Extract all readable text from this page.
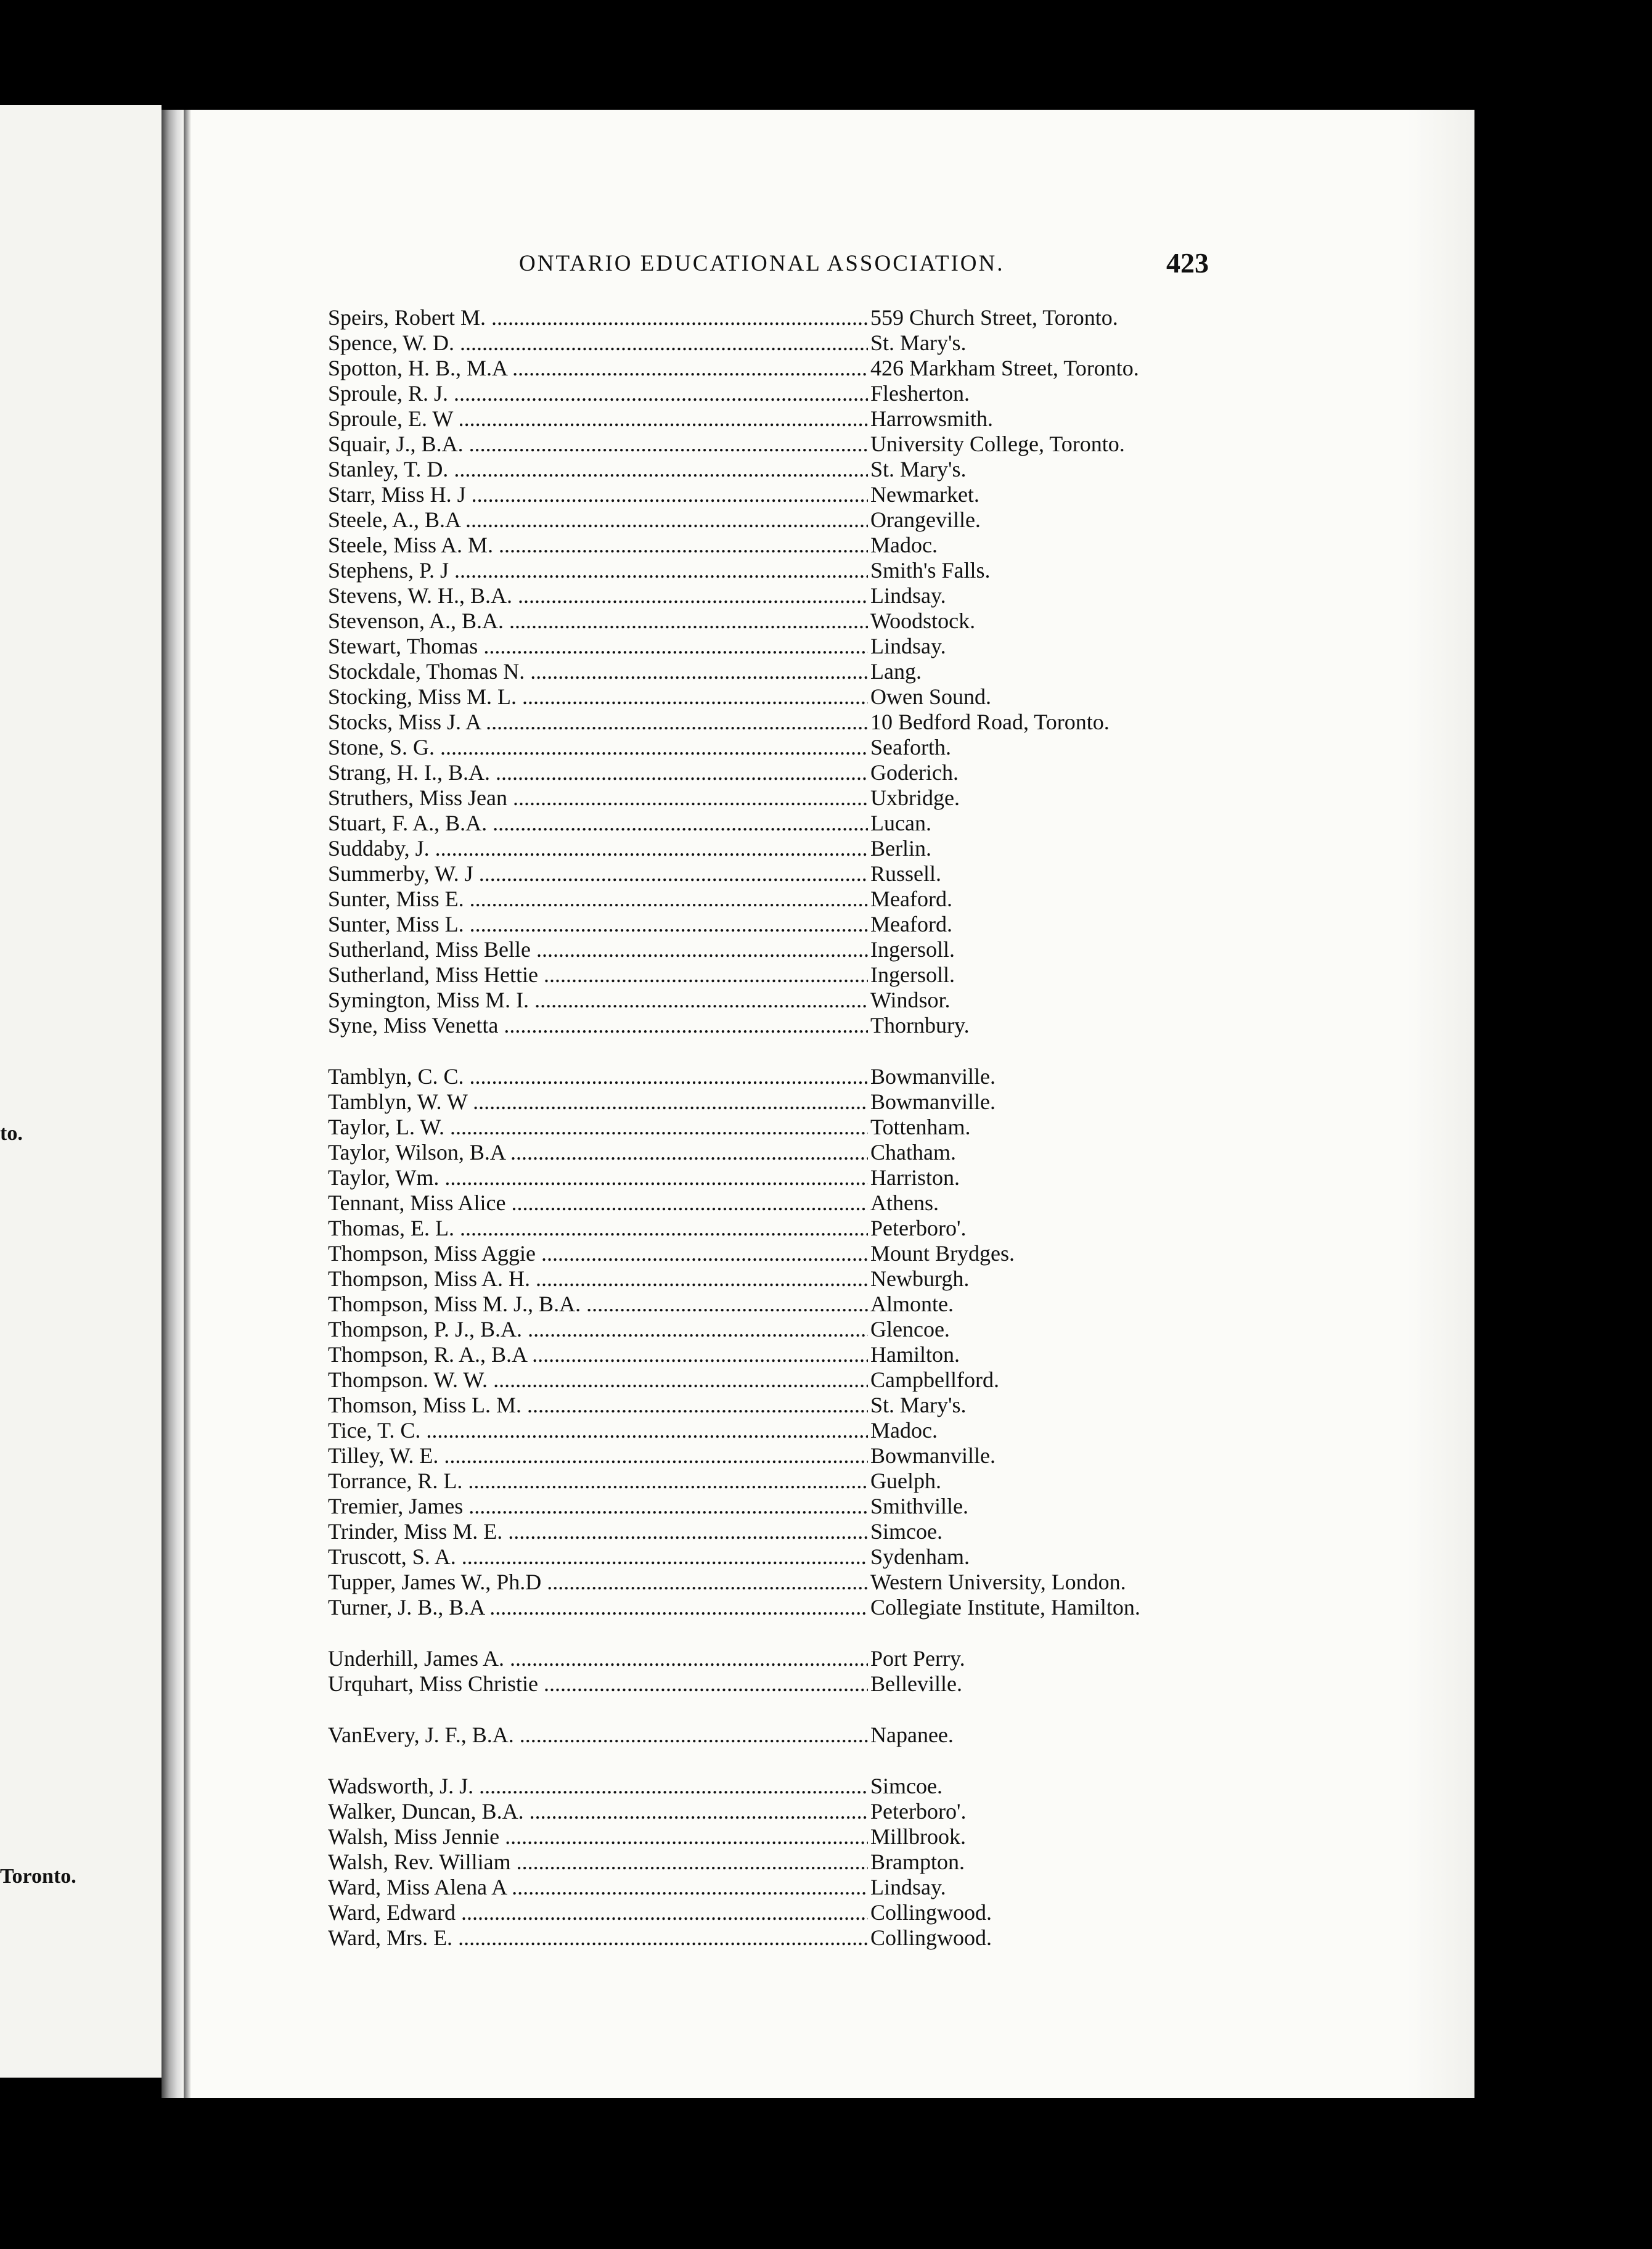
to.
Toronto.
ONTARIO EDUCATIONAL ASSOCIATION.	423
Speirs, Robert M. .....	559 Church Street, Toronto.
Spence, W. D. .....	St. Mary's.
Spotton, H. B., M.A .....	426 Markham Street, Toronto.
Sproule, R. J. .....	Flesherton.
Sproule, E. W .....	Harrowsmith.
Squair, J., B.A. .....	University College, Toronto.
Stanley, T. D. .....	St. Mary's.
Starr, Miss H. J .....	Newmarket.
Steele, A., B.A .....	Orangeville.
Steele, Miss A. M. .....	Madoc.
Stephens, P. J .....	Smith's Falls.
Stevens, W. H., B.A. .....	Lindsay.
Stevenson, A., B.A. .....	Woodstock.
Stewart, Thomas .....	Lindsay.
Stockdale, Thomas N. .....	Lang.
Stocking, Miss M. L. .....	Owen Sound.
Stocks, Miss J. A .....	10 Bedford Road, Toronto.
Stone, S. G. .....	Seaforth.
Strang, H. I., B.A. .....	Goderich.
Struthers, Miss Jean .....	Uxbridge.
Stuart, F. A., B.A. .....	Lucan.
Suddaby, J. .....	Berlin.
Summerby, W. J .....	Russell.
Sunter, Miss E. .....	Meaford.
Sunter, Miss L. .....	Meaford.
Sutherland, Miss Belle .....	Ingersoll.
Sutherland, Miss Hettie .....	Ingersoll.
Symington, Miss M. I. .....	Windsor.
Syne, Miss Venetta .....	Thornbury.
Tamblyn, C. C. .....	Bowmanville.
Tamblyn, W. W .....	Bowmanville.
Taylor, L. W. .....	Tottenham.
Taylor, Wilson, B.A .....	Chatham.
Taylor, Wm. .....	Harriston.
Tennant, Miss Alice .....	Athens.
Thomas, E. L. .....	Peterboro'.
Thompson, Miss Aggie .....	Mount Brydges.
Thompson, Miss A. H. .....	Newburgh.
Thompson, Miss M. J., B.A. .....	Almonte.
Thompson, P. J., B.A. .....	Glencoe.
Thompson, R. A., B.A .....	Hamilton.
Thompson. W. W. .....	Campbellford.
Thomson, Miss L. M. .....	St. Mary's.
Tice, T. C. .....	Madoc.
Tilley, W. E. .....	Bowmanville.
Torrance, R. L. .....	Guelph.
Tremier, James .....	Smithville.
Trinder, Miss M. E. .....	Simcoe.
Truscott, S. A. .....	Sydenham.
Tupper, James W., Ph.D .....	Western University, London.
Turner, J. B., B.A .....	Collegiate Institute, Hamilton.
Underhill, James A. .....	Port Perry.
Urquhart, Miss Christie .....	Belleville.
VanEvery, J. F., B.A. .....	Napanee.
Wadsworth, J. J. .....	Simcoe.
Walker, Duncan, B.A. .....	Peterboro'.
Walsh, Miss Jennie .....	Millbrook.
Walsh, Rev. William .....	Brampton.
Ward, Miss Alena A .....	Lindsay.
Ward, Edward .....	Collingwood.
Ward, Mrs. E. .....	Collingwood.
